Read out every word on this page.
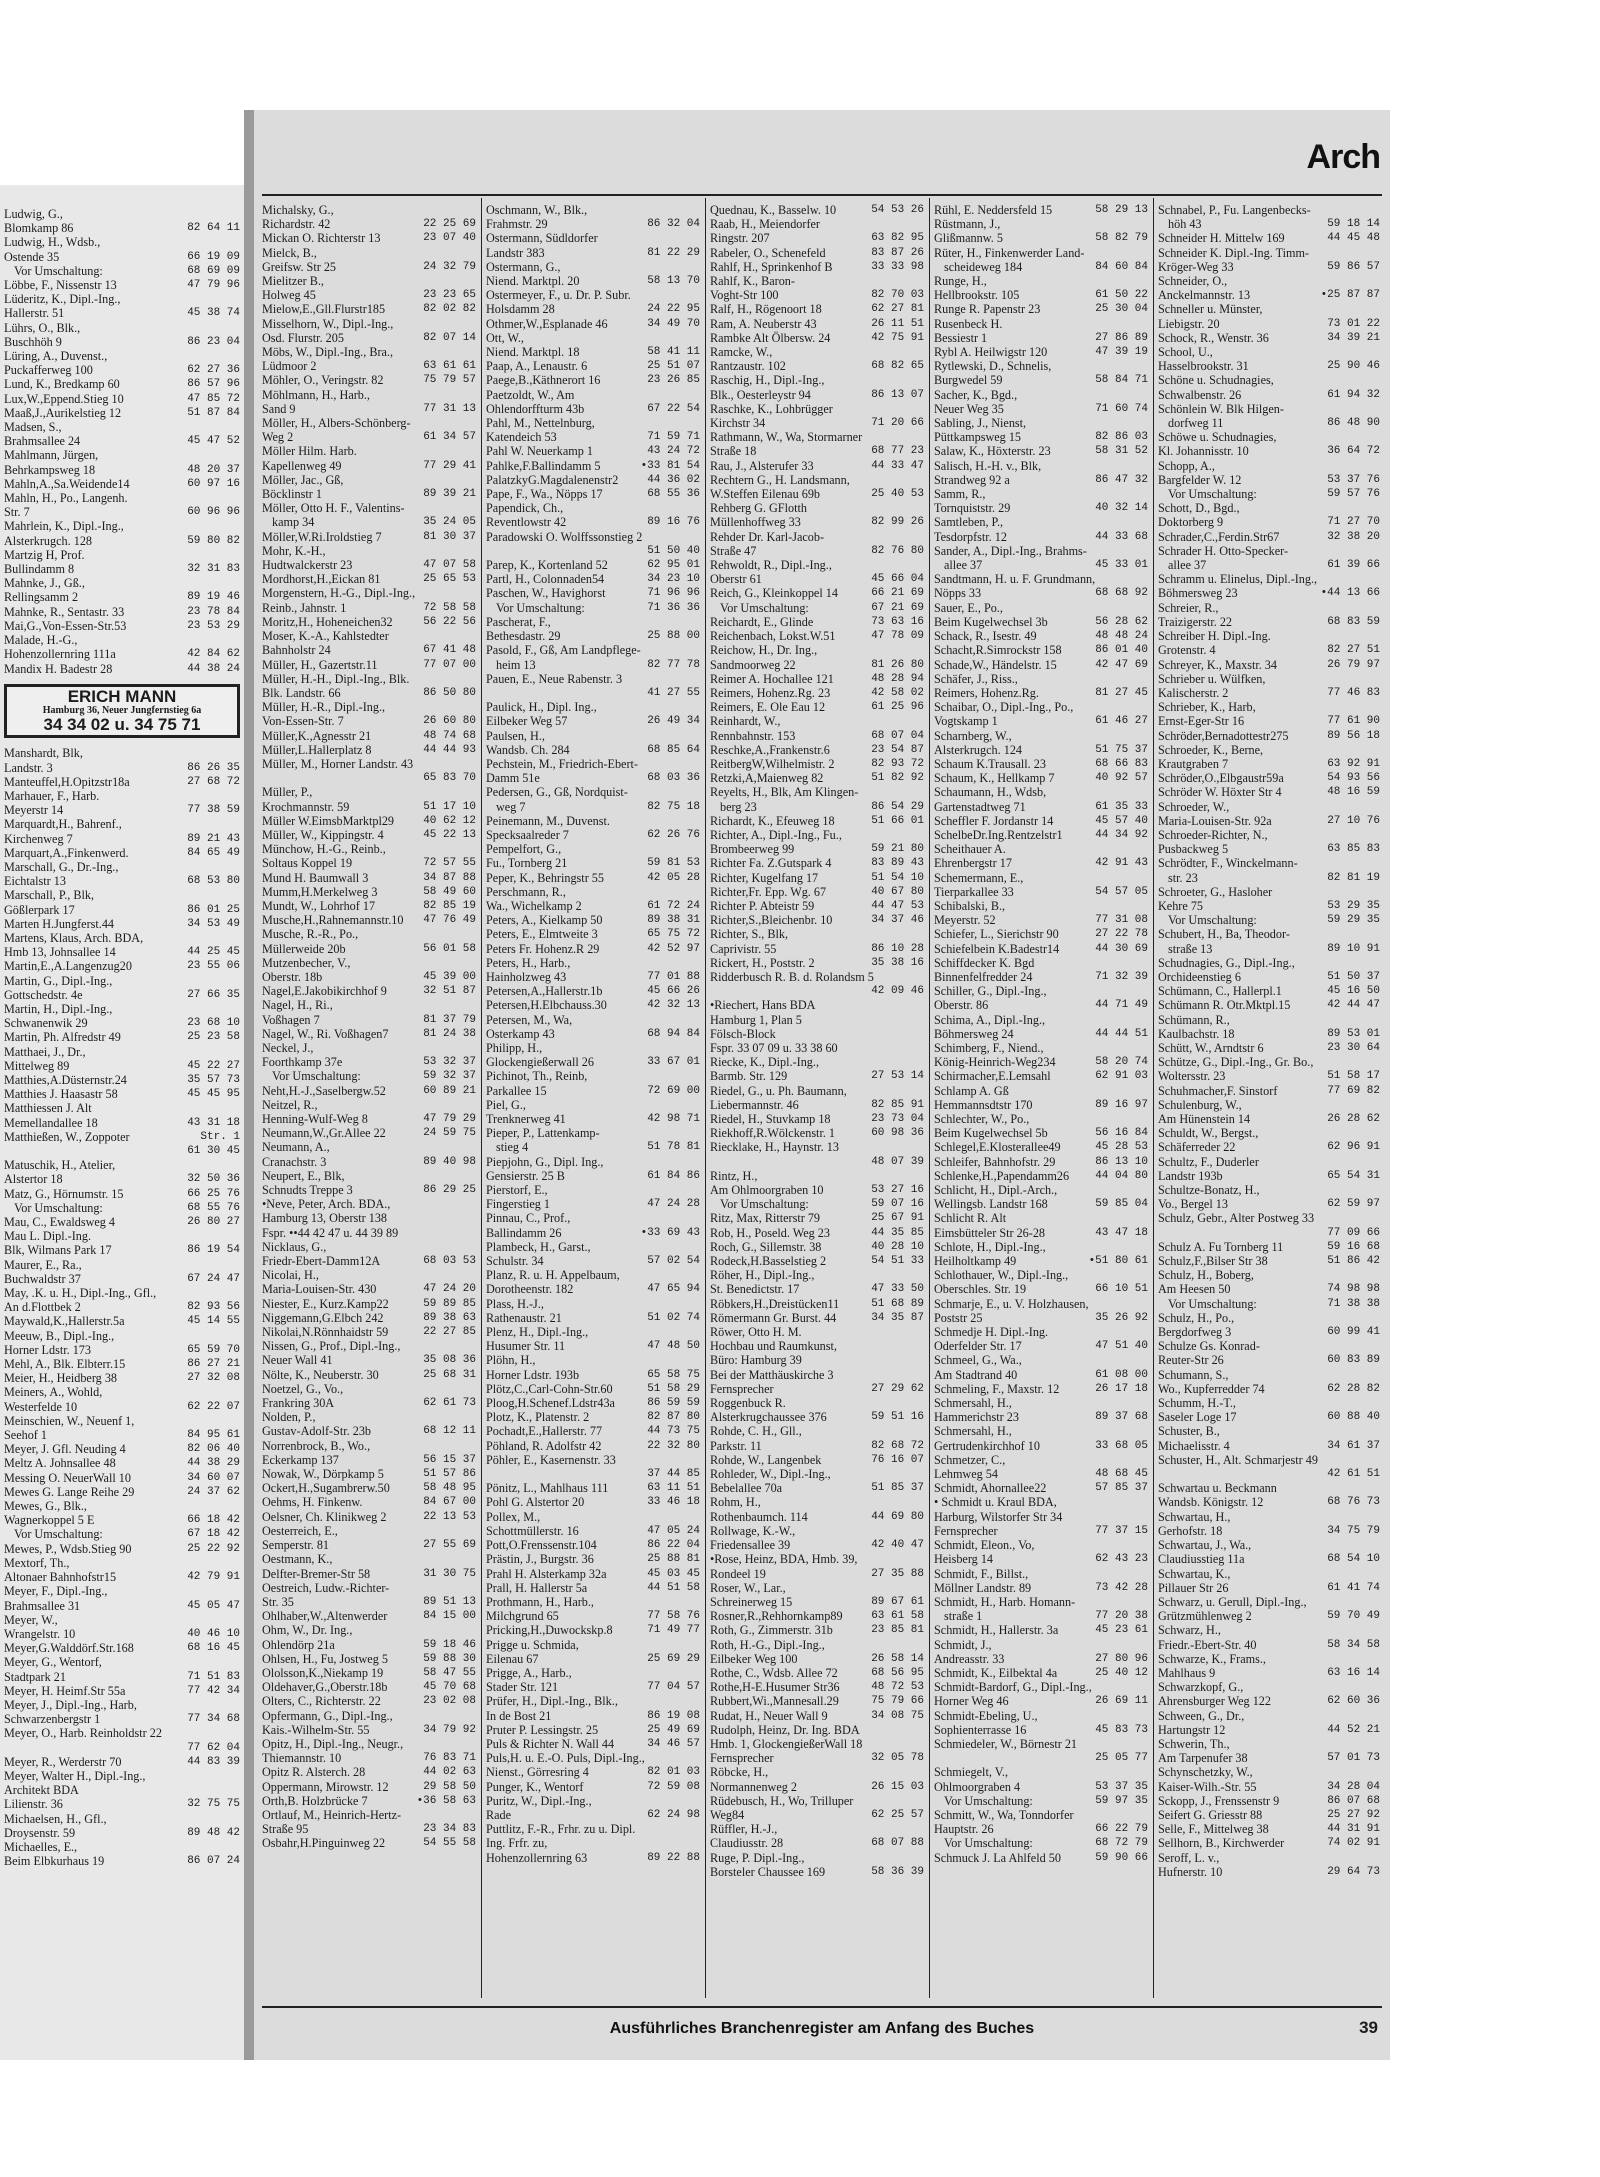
Ludwig, G.,
Blomkamp 86	82 64 11
Ludwig, H., Wdsb.,
Ostende 35	66 19 09
Vor Umschaltung:	68 69 09
Löbbe, F., Nissenstr 13	47 79 96
Lüderitz, K., Dipl.-Ing.,
Hallerstr. 51	45 38 74
Lührs, O., Blk.,
Buschhöh 9	86 23 04
Lüring, A., Duvenst.,
Puckafferweg 100	62 27 36
Lund, K., Bredkamp 60	86 57 96
Lux,W.,Eppend.Stieg 10	47 85 72
Maaß,J.,Aurikelstieg 12	51 87 84
Madsen, S.,
Brahmsallee 24	45 47 52
Mahlmann, Jürgen,
Behrkampsweg 18	48 20 37
Mahln,A.,Sa.Weidende14	60 97 16
Mahln, H., Po., Langenh.
Str. 7	60 96 96
Mahrlein, K., Dipl.-Ing.,
Alsterkrugch. 128	59 80 82
Martzig H, Prof.
Bullindamm 8	32 31 83
Mahnke, J., Gß.,
Rellingsamm 2	89 19 46
Mahnke, R., Sentastr. 33	23 78 84
Mai,G.,Von-Essen-Str.53	23 53 29
Malade, H.-G.,
Hohenzollernring 111a	42 84 62
Mandix H. Badestr 28	44 38 24
ERICH MANN
Hamburg 36, Neuer Jungfernstieg 6a
34 34 02 u. 34 75 71
Manshardt, Blk,
Landstr. 3	86 26 35
Manteuffel,H.Opitzstr18a	27 68 72
Marhauer, F., Harb.
Meyerstr 14	77 38 59
Marquardt,H., Bahrenf.,
Kirchenweg 7	89 21 43
Marquart,A.,Finkenwerd.	84 65 49
Marschall, G., Dr.-Ing.,
Eichtalstr 13	68 53 80
Marschall, P., Blk,
Gößlerpark 17	86 01 25
Marten H.Jungferst.44	34 53 49
Martens, Klaus, Arch. BDA,
Hmb 13, Johnsallee 14	44 25 45
Martin,E.,A.Langenzug20	23 55 06
Martin, G., Dipl.-Ing.,
Gottschedstr. 4e	27 66 35
Martin, H., Dipl.-Ing.,
Schwanenwik 29	23 68 10
Martin, Ph. Alfredstr 49	25 23 58
Matthaei, J., Dr.,
Mittelweg 89	45 22 27
Matthies,A.Düsternstr.24	35 57 73
Matthies J. Haasastr 58	45 45 95
Matthiessen J. Alt
Memellandallee 18	43 31 18
Matthießen, W., Zoppoter	Str. 1
61 30 45
Matuschik, H., Atelier,
Alstertor 18	32 50 36
Matz, G., Hörnumstr. 15	66 25 76
Vor Umschaltung:	68 55 76
Mau, C., Ewaldsweg 4	26 80 27
Mau L. Dipl.-Ing.
Blk, Wilmans Park 17	86 19 54
Maurer, E., Ra.,
Buchwaldstr 37	67 24 47
May, .K. u. H., Dipl.-Ing., Gfl.,
An d.Flottbek 2	82 93 56
Maywald,K.,Hallerstr.5a	45 14 55
Meeuw, B., Dipl.-Ing.,
Horner Ldstr. 173	65 59 70
Mehl, A., Blk. Elbterr.15	86 27 21
Meier, H., Heidberg 38	27 32 08
Meiners, A., Wohld,
Westerfelde 10	62 22 07
Meinschien, W., Neuenf 1,
Seehof 1	84 95 61
Meyer, J. Gfl. Neuding 4	82 06 40
Meltz A. Johnsallee 48	44 38 29
Messing O. NeuerWall 10	34 60 07
Mewes G. Lange Reihe 29	24 37 62
Mewes, G., Blk.,
Wagnerkoppel 5 E	66 18 42
Vor Umschaltung:	67 18 42
Mewes, P., Wdsb.Stieg 90	25 22 92
Mextorf, Th.,
Altonaer Bahnhofstr15	42 79 91
Meyer, F., Dipl.-Ing.,
Brahmsallee 31	45 05 47
Meyer, W.,
Wrangelstr. 10	40 46 10
Meyer,G.Walddörf.Str.168	68 16 45
Meyer, G., Wentorf,
Stadtpark 21	71 51 83
Meyer, H. Heimf.Str 55a	77 42 34
Meyer, J., Dipl.-Ing., Harb,
Schwarzenbergstr 1	77 34 68
Meyer, O., Harb. Reinholdstr 22
77 62 04
Meyer, R., Werderstr 70	44 83 39
Meyer, Walter H., Dipl.-Ing.,
Architekt BDA
Lilienstr. 36	32 75 75
Michaelsen, H., Gfl.,
Droysenstr. 59	89 48 42
Michaelles, E.,
Beim Elbkurhaus 19	86 07 24
Arch
Michalsky, G.,
Richardstr. 42	22 25 69
Mickan O. Richterstr 13	23 07 40
Mielck, B.,
Greifsw. Str 25	24 32 79
Mielitzer B.,
Holweg 45	23 23 65
Mielow,E.,Gll.Flurstr185	82 02 82
Misselhorn, W., Dipl.-Ing.,
Osd. Flurstr. 205	82 07 14
Möbs, W., Dipl.-Ing., Bra.,
Lüdmoor 2	63 61 61
Möhler, O., Veringstr. 82	75 79 57
Möhlmann, H., Harb.,
Sand 9	77 31 13
Möller, H., Albers-Schönberg-
Weg 2	61 34 57
Möller Hilm. Harb.
Kapellenweg 49	77 29 41
Möller, Jac., Gß,
Böcklinstr 1	89 39 21
Möller, Otto H. F., Valentins-
kamp 34	35 24 05
Möller,W.Ri.Iroldstieg 7	81 30 37
Mohr, K.-H.,
Hudtwalckerstr 23	47 07 58
Mordhorst,H.,Eickan 81	25 65 53
Morgenstern, H.-G., Dipl.-Ing.,
Reinb., Jahnstr. 1	72 58 58
Moritz,H., Hoheneichen32	56 22 56
Moser, K.-A., Kahlstedter
Bahnholstr 24	67 41 48
Müller, H., Gazertstr.11	77 07 00
Müller, H.-H., Dipl.-Ing., Blk.
Blk. Landstr. 66	86 50 80
Müller, H.-R., Dipl.-Ing.,
Von-Essen-Str. 7	26 60 80
Müller,K.,Agnesstr 21	48 74 68
Müller,L.Hallerplatz 8	44 44 93
Müller, M., Horner Landstr. 43
65 83 70
Müller, P.,
Krochmannstr. 59	51 17 10
Müller W.EimsbMarktpl29	40 62 12
Müller, W., Kippingstr. 4	45 22 13
Münchow, H.-G., Reinb.,
Soltaus Koppel 19	72 57 55
Mund H. Baumwall 3	34 87 88
Mumm,H.Merkelweg 3	58 49 60
Mundt, W., Lohrhof 17	82 85 19
Musche,H.,Rahnemannstr.10	47 76 49
Musche, R.-R., Po.,
Müllerweide 20b	56 01 58
Mutzenbecher, V.,
Oberstr. 18b	45 39 00
Nagel,E.Jakobikirchhof 9	32 51 87
Nagel, H., Ri.,
Voßhagen 7	81 37 79
Nagel, W., Ri. Voßhagen7	81 24 38
Neckel, J.,
Foorthkamp 37e	53 32 37
Vor Umschaltung:	59 32 37
Neht,H.-J.,Saselbergw.52	60 89 21
Neitzel, R.,
Henning-Wulf-Weg 8	47 79 29
Neumann,W.,Gr.Allee 22	24 59 75
Neumann, A.,
Cranachstr. 3	89 40 98
Neupert, E., Blk,
Schnudts Treppe 3	86 29 25
•Neve, Peter, Arch. BDA.,
Hamburg 13, Oberstr 138
Fspr. ••44 42 47 u. 44 39 89
Nicklaus, G.,
Friedr-Ebert-Damm12A	68 03 53
Nicolai, H.,
Maria-Louisen-Str. 430	47 24 20
Niester, E., Kurz.Kamp22	59 89 85
Niggemann,G.Elbch 242	89 38 63
Nikolai,N.Rönnhaidstr 59	22 27 85
Nissen, G., Prof., Dipl.-Ing.,
Neuer Wall 41	35 08 36
Nölte, K., Neuberstr. 30	25 68 31
Noetzel, G., Vo.,
Frankring 30A	62 61 73
Nolden, P.,
Gustav-Adolf-Str. 23b	68 12 11
Norrenbrock, B., Wo.,
Eckerkamp 137	56 15 37
Nowak, W., Dörpkamp 5	51 57 86
Ockert,H.,Sugambrerw.50	58 48 95
Oehms, H. Finkenw.	84 67 00
Oelsner, Ch. Klinikweg 2	22 13 53
Oesterreich, E.,
Semperstr. 81	27 55 69
Oestmann, K.,
Delfter-Bremer-Str 58	31 30 75
Oestreich, Ludw.-Richter-
Str. 35	89 51 13
Ohlhaber,W.,Altenwerder	84 15 00
Ohm, W., Dr. Ing.,
Ohlendörp 21a	59 18 46
Ohlsen, H., Fu, Jostweg 5	59 88 30
Ololsson,K.,Niekamp 19	58 47 55
Oldehaver,G.,Oberstr.18b	45 70 68
Olters, C., Richterstr. 22	23 02 08
Opfermann, G., Dipl.-Ing.,
Kais.-Wilhelm-Str. 55	34 79 92
Opitz, H., Dipl.-Ing., Neugr.,
Thiemannstr. 10	76 83 71
Opitz R. Alsterch. 28	44 02 63
Oppermann, Mirowstr. 12	29 58 50
Orth,B. Holzbrücke 7	•36 58 63
Ortlauf, M., Heinrich-Hertz-
Straße 95	23 34 83
Osbahr,H.Pinguinweg 22	54 55 58
Oschmann, W., Blk.,
Frahmstr. 29	86 32 04
Ostermann, Südldorfer
Landstr 383	81 22 29
Ostermann, G.,
Niend. Marktpl. 20	58 13 70
Ostermeyer, F., u. Dr. P. Subr.
Holsdamm 28	24 22 95
Othmer,W.,Esplanade 46	34 49 70
Ott, W.,
Niend. Marktpl. 18	58 41 11
Paap, A., Lenaustr. 6	25 51 07
Paege,B.,Käthnerort 16	23 26 85
Paetzoldt, W., Am
Ohlendorffturm 43b	67 22 54
Pahl, M., Nettelnburg,
Katendeich 53	71 59 71
Pahl W. Neuerkamp 1	43 24 72
Pahlke,F.Ballindamm 5	•33 81 54
PalatzkyG.Magdalenenstr2	44 36 02
Pape, F., Wa., Nöpps 17	68 55 36
Papendick, Ch.,
Reventlowstr 42	89 16 76
Paradowski O. Wolffssonstieg 2
51 50 40
Parep, K., Kortenland 52	62 95 01
Partl, H., Colonnaden54	34 23 10
Paschen, W., Havighorst	71 96 96
Vor Umschaltung:	71 36 36
Pascherat, F.,
Bethesdastr. 29	25 88 00
Pasold, F., Gß, Am Landpflege-
heim 13	82 77 78
Pauen, E., Neue Rabenstr. 3
41 27 55
Paulick, H., Dipl. Ing.,
Eilbeker Weg 57	26 49 34
Paulsen, H.,
Wandsb. Ch. 284	68 85 64
Pechstein, M., Friedrich-Ebert-
Damm 51e	68 03 36
Pedersen, G., Gß, Nordquist-
weg 7	82 75 18
Peinemann, M., Duvenst.
Specksaalreder 7	62 26 76
Pempelfort, G.,
Fu., Tornberg 21	59 81 53
Peper, K., Behringstr 55	42 05 28
Perschmann, R.,
Wa., Wichelkamp 2	61 72 24
Peters, A., Kielkamp 50	89 38 31
Peters, E., Elmtweite 3	65 75 72
Peters Fr. Hohenz.R 29	42 52 97
Peters, H., Harb.,
Hainholzweg 43	77 01 88
Petersen,A.,Hallerstr.1b	45 66 26
Petersen,H.Elbchauss.30	42 32 13
Petersen, M., Wa,
Osterkamp 43	68 94 84
Philipp, H.,
Glockengießerwall 26	33 67 01
Pichinot, Th., Reinb,
Parkallee 15	72 69 00
Piel, G.,
Trenknerweg 41	42 98 71
Pieper, P., Lattenkamp-
stieg 4	51 78 81
Piepjohn, G., Dipl. Ing.,
Gensierstr. 25 B	61 84 86
Pierstorf, E.,
Fingerstieg 1	47 24 28
Pinnau, C., Prof.,
Ballindamm 26	•33 69 43
Plambeck, H., Garst.,
Schulstr. 34	57 02 54
Planz, R. u. H. Appelbaum,
Dorotheenstr. 182	47 65 94
Plass, H.-J.,
Rathenaustr. 21	51 02 74
Plenz, H., Dipl.-Ing.,
Husumer Str. 11	47 48 50
Plöhn, H.,
Horner Ldstr. 193b	65 58 75
Plötz,C.,Carl-Cohn-Str.60	51 58 29
Ploog,H.Schenef.Ldstr43a	86 59 59
Plotz, K., Platenstr. 2	82 87 80
Pochadt,E.,Hallerstr. 77	44 73 75
Pöhland, R. Adolfstr 42	22 32 80
Pöhler, E., Kasernenstr. 33
37 44 85
Pönitz, L., Mahlhaus 111	63 11 51
Pohl G. Alstertor 20	33 46 18
Pollex, M.,
Schottmüllerstr. 16	47 05 24
Pott,O.Frenssenstr.104	86 22 04
Prästin, J., Burgstr. 36	25 88 81
Prahl H. Alsterkamp 32a	45 03 45
Prall, H. Hallerstr 5a	44 51 58
Prothmann, H., Harb.,
Milchgrund 65	77 58 76
Pricking,H.,Duwockskp.8	71 49 77
Prigge u. Schmida,
Eilenau 67	25 69 29
Prigge, A., Harb.,
Stader Str. 121	77 04 57
Prüfer, H., Dipl.-Ing., Blk.,
In de Bost 21	86 19 08
Pruter P. Lessingstr. 25	25 49 69
Puls & Richter N. Wall 44	34 46 57
Puls,H. u. E.-O. Puls, Dipl.-Ing.,
Nienst., Görresring 4	82 01 03
Punger, K., Wentorf	72 59 08
Puritz, W., Dipl.-Ing.,
Rade	62 24 98
Puttlitz, F.-R., Frhr. zu u. Dipl.
Ing. Frfr. zu,
Hohenzollernring 63	89 22 88
Quednau, K., Basselw. 10	54 53 26
Raab, H., Meiendorfer
Ringstr. 207	63 82 95
Rabeler, O., Schenefeld	83 87 26
Rahlf, H., Sprinkenhof B	33 33 98
Rahlf, K., Baron-
Voght-Str 100	82 70 03
Ralf, H., Rögenoort 18	62 27 81
Ram, A. Neuberstr 43	26 11 51
Rambke Alt Ölbersw. 24	42 75 91
Ramcke, W.,
Rantzaustr. 102	68 82 65
Raschig, H., Dipl.-Ing.,
Blk., Oesterleystr 94	86 13 07
Raschke, K., Lohbrügger
Kirchstr 34	71 20 66
Rathmann, W., Wa, Stormarner
Straße 18	68 77 23
Rau, J., Alsterufer 33	44 33 47
Rechtern G., H. Landsmann,
W.Steffen Eilenau 69b	25 40 53
Rehberg G. GFlotth
Müllenhoffweg 33	82 99 26
Rehder Dr. Karl-Jacob-
Straße 47	82 76 80
Rehwoldt, R., Dipl.-Ing.,
Oberstr 61	45 66 04
Reich, G., Kleinkoppel 14	66 21 69
Vor Umschaltung:	67 21 69
Reichardt, E., Glinde	73 63 16
Reichenbach, Lokst.W.51	47 78 09
Reichow, H., Dr. Ing.,
Sandmoorweg 22	81 26 80
Reimer A. Hochallee 121	48 28 94
Reimers, Hohenz.Rg. 23	42 58 02
Reimers, E. Ole Eau 12	61 25 96
Reinhardt, W.,
Rennbahnstr. 153	68 07 04
Reschke,A.,Frankenstr.6	23 54 87
ReitbergW,Wilhelmistr. 2	82 93 72
Retzki,A,Maienweg 82	51 82 92
Reyelts, H., Blk, Am Klingen-
berg 23	86 54 29
Richardt, K., Efeuweg 18	51 66 01
Richter, A., Dipl.-Ing., Fu.,
Brombeerweg 99	59 21 80
Richter Fa. Z.Gutspark 4	83 89 43
Richter, Kugelfang 17	51 54 10
Richter,Fr. Epp. Wg. 67	40 67 80
Richter P. Abteistr 59	44 47 53
Richter,S.,Bleichenbr. 10	34 37 46
Richter, S., Blk,
Caprivistr. 55	86 10 28
Rickert, H., Poststr. 2	35 38 16
Ridderbusch R. B. d. Rolandsm 5
42 09 46
•Riechert, Hans BDA
Hamburg 1, Plan 5
Fölsch-Block
Fspr. 33 07 09 u. 33 38 60
Riecke, K., Dipl.-Ing.,
Barmb. Str. 129	27 53 14
Riedel, G., u. Ph. Baumann,
Liebermannstr. 46	82 85 91
Riedel, H., Stuvkamp 18	23 73 04
Riekhoff,R.Wölckenstr. 1	60 98 36
Riecklake, H., Haynstr. 13
48 07 39
Rintz, H.,
Am Ohlmoorgraben 10	53 27 16
Vor Umschaltung:	59 07 16
Ritz, Max, Ritterstr 79	25 67 91
Rob, H., Poseld. Weg 23	44 35 85
Roch, G., Sillemstr. 38	40 28 10
Rodeck,H.Basselstieg 2	54 51 33
Röher, H., Dipl.-Ing.,
St. Benedictstr. 17	47 33 50
Röbkers,H.,Dreistücken11	51 68 89
Römermann Gr. Burst. 44	34 35 87
Röwer, Otto H. M.
Hochbau und Raumkunst,
Büro: Hamburg 39
Bei der Matthäuskirche 3
Fernsprecher	27 29 62
Roggenbuck R.
Alsterkrugchaussee 376	59 51 16
Rohde, C. H., Gll.,
Parkstr. 11	82 68 72
Rohde, W., Langenbek	76 16 07
Rohleder, W., Dipl.-Ing.,
Bebelallee 70a	51 85 37
Rohm, H.,
Rothenbaumch. 114	44 69 80
Rollwage, K.-W.,
Friedensallee 39	42 40 47
•Rose, Heinz, BDA, Hmb. 39,
Rondeel 19	27 35 88
Roser, W., Lar.,
Schreinerweg 15	89 67 61
Rosner,R.,Rehhornkamp89	63 61 58
Roth, G., Zimmerstr. 31b	23 85 81
Roth, H.-G., Dipl.-Ing.,
Eilbeker Weg 100	26 58 14
Rothe, C., Wdsb. Allee 72	68 56 95
Rothe,H-E.Husumer Str36	48 72 53
Rubbert,Wi.,Mannesall.29	75 79 66
Rudat, H., Neuer Wall 9	34 08 75
Rudolph, Heinz, Dr. Ing. BDA
Hmb. 1, GlockengießerWall 18
Fernsprecher	32 05 78
Röbcke, H.,
Normannenweg 2	26 15 03
Rüdebusch, H., Wo, Trilluper
Weg84	62 25 57
Rüffler, H.-J.,
Claudiusstr. 28	68 07 88
Ruge, P. Dipl.-Ing.,
Borsteler Chaussee 169	58 36 39
Rühl, E. Neddersfeld 15	58 29 13
Rüstmann, J.,
Glißmannw. 5	58 82 79
Rüter, H., Finkenwerder Land-
scheideweg 184	84 60 84
Runge, H.,
Hellbrookstr. 105	61 50 22
Runge R. Papenstr 23	25 30 04
Rusenbeck H.
Bessiestr 1	27 86 89
Rybl A. Heilwigstr 120	47 39 19
Rytlewski, D., Schnelis,
Burgwedel 59	58 84 71
Sacher, K., Bgd.,
Neuer Weg 35	71 60 74
Sabling, J., Nienst,
Püttkampsweg 15	82 86 03
Salaw, K., Höxterstr. 23	58 31 52
Salisch, H.-H. v., Blk,
Strandweg 92 a	86 47 32
Samm, R.,
Tornquiststr. 29	40 32 14
Samtleben, P.,
Tesdorpfstr. 12	44 33 68
Sander, A., Dipl.-Ing., Brahms-
allee 37	45 33 01
Sandtmann, H. u. F. Grundmann,
Nöpps 33	68 68 92
Sauer, E., Po.,
Beim Kugelwechsel 3b	56 28 62
Schack, R., Isestr. 49	48 48 24
Schacht,R.Simrockstr 158	86 01 40
Schade,W., Händelstr. 15	42 47 69
Schäfer, J., Riss.,
Reimers, Hohenz.Rg.	81 27 45
Schaibar, O., Dipl.-Ing., Po.,
Vogtskamp 1	61 46 27
Scharnberg, W.,
Alsterkrugch. 124	51 75 37
Schaum K.Trausall. 23	68 66 83
Schaum, K., Hellkamp 7	40 92 57
Schaumann, H., Wdsb,
Gartenstadtweg 71	61 35 33
Scheffler F. Jordanstr 14	45 57 40
SchelbeDr.Ing.Rentzelstr1	44 34 92
Scheithauer A.
Ehrenbergstr 17	42 91 43
Schemermann, E.,
Tierparkallee 33	54 57 05
Schibalski, B.,
Meyerstr. 52	77 31 08
Schiefer, L., Sierichstr 90	27 22 78
Schiefelbein K.Badestr14	44 30 69
Schiffdecker K. Bgd
Binnenfelfredder 24	71 32 39
Schiller, G., Dipl.-Ing.,
Oberstr. 86	44 71 49
Schima, A., Dipl.-Ing.,
Böhmersweg 24	44 44 51
Schimberg, F., Niend.,
König-Heinrich-Weg234	58 20 74
Schirmacher,E.Lemsahl	62 91 03
Schlamp A. Gß
Hemmannsdtstr 170	89 16 97
Schlechter, W., Po.,
Beim Kugelwechsel 5b	56 16 84
Schlegel,E.Klosterallee49	45 28 53
Schleifer, Bahnhofstr. 29	86 13 10
Schlenke,H.,Papendamm26	44 04 80
Schlicht, H., Dipl.-Arch.,
Wellingsb. Landstr 168	59 85 04
Schlicht R. Alt
Eimsbütteler Str 26-28	43 47 18
Schlote, H., Dipl.-Ing.,
Heilholtkamp 49	•51 80 61
Schlothauer, W., Dipl.-Ing.,
Oberschles. Str. 19	66 10 51
Schmarje, E., u. V. Holzhausen,
Poststr 25	35 26 92
Schmedje H. Dipl.-Ing.
Oderfelder Str. 17	47 51 40
Schmeel, G., Wa.,
Am Stadtrand 40	61 08 00
Schmeling, F., Maxstr. 12	26 17 18
Schmersahl, H.,
Hammerichstr 23	89 37 68
Schmersahl, H.,
Gertrudenkirchhof 10	33 68 05
Schmetzer, C.,
Lehmweg 54	48 68 45
Schmidt, Ahornallee22	57 85 37
• Schmidt u. Kraul BDA,
Harburg, Wilstorfer Str 34
Fernsprecher	77 37 15
Schmidt, Eleon., Vo,
Heisberg 14	62 43 23
Schmidt, F., Billst.,
Möllner Landstr. 89	73 42 28
Schmidt, H., Harb. Homann-
straße 1	77 20 38
Schmidt, H., Hallerstr. 3a	45 23 61
Schmidt, J.,
Andreasstr. 33	27 80 96
Schmidt, K., Eilbektal 4a	25 40 12
Schmidt-Bardorf, G., Dipl.-Ing.,
Horner Weg 46	26 69 11
Schmidt-Ebeling, U.,
Sophienterrasse 16	45 83 73
Schmiedeler, W., Börnestr 21
25 05 77
Schmiegelt, V.,
Ohlmoorgraben 4	53 37 35
Vor Umschaltung:	59 97 35
Schmitt, W., Wa, Tonndorfer
Hauptstr. 26	66 22 79
Vor Umschaltung:	68 72 79
Schmuck J. La Ahlfeld 50	59 90 66
Schnabel, P., Fu. Langenbecks-
höh 43	59 18 14
Schneider H. Mittelw 169	44 45 48
Schneider K. Dipl.-Ing. Timm-
Kröger-Weg 33	59 86 57
Schneider, O.,
Anckelmannstr. 13	•25 87 87
Schneller u. Münster,
Liebigstr. 20	73 01 22
Schock, R., Wenstr. 36	34 39 21
School, U.,
Hasselbrookstr. 31	25 90 46
Schöne u. Schudnagies,
Schwalbenstr. 26	61 94 32
Schönlein W. Blk Hilgen-
dorfweg 11	86 48 90
Schöwe u. Schudnagies,
Kl. Johannisstr. 10	36 64 72
Schopp, A.,
Bargfelder W. 12	53 37 76
Vor Umschaltung:	59 57 76
Schott, D., Bgd.,
Doktorberg 9	71 27 70
Schrader,C.,Ferdin.Str67	32 38 20
Schrader H. Otto-Specker-
allee 37	61 39 66
Schramm u. Elinelus, Dipl.-Ing.,
Böhmersweg 23	•44 13 66
Schreier, R.,
Traizigerstr. 22	68 83 59
Schreiber H. Dipl.-Ing.
Grotenstr. 4	82 27 51
Schreyer, K., Maxstr. 34	26 79 97
Schrieber u. Wülfken,
Kalischerstr. 2	77 46 83
Schrieber, K., Harb,
Ernst-Eger-Str 16	77 61 90
Schröder,Bernadottestr275	89 56 18
Schroeder, K., Berne,
Krautgraben 7	63 92 91
Schröder,O.,Elbgaustr59a	54 93 56
Schröder W. Höxter Str 4	48 16 59
Schroeder, W.,
Maria-Louisen-Str. 92a	27 10 76
Schroeder-Richter, N.,
Pusbackweg 5	63 85 83
Schrödter, F., Winckelmann-
str. 23	82 81 19
Schroeter, G., Hasloher
Kehre 75	53 29 35
Vor Umschaltung:	59 29 35
Schubert, H., Ba, Theodor-
straße 13	89 10 91
Schudnagies, G., Dipl.-Ing.,
Orchideenstieg 6	51 50 37
Schümann, C., Hallerpl.1	45 16 50
Schümann R. Otr.Mktpl.15	42 44 47
Schümann, R.,
Kaulbachstr. 18	89 53 01
Schütt, W., Arndtstr 6	23 30 64
Schütze, G., Dipl.-Ing., Gr. Bo.,
Woltersstr. 23	51 58 17
Schuhmacher,F. Sinstorf	77 69 82
Schulenburg, W.,
Am Hünenstein 14	26 28 62
Schuldt, W., Bergst.,
Schäferreder 22	62 96 91
Schultz, F., Duderler
Landstr 193b	65 54 31
Schultze-Bonatz, H.,
Vo., Bergel 13	62 59 97
Schulz, Gebr., Alter Postweg 33
77 09 66
Schulz A. Fu Tornberg 11	59 16 68
Schulz,F.,Bilser Str 38	51 86 42
Schulz, H., Boberg,
Am Heesen 50	74 98 98
Vor Umschaltung:	71 38 38
Schulz, H., Po.,
Bergdorfweg 3	60 99 41
Schulze Gs. Konrad-
Reuter-Str 26	60 83 89
Schumann, S.,
Wo., Kupferredder 74	62 28 82
Schumm, H.-T.,
Saseler Loge 17	60 88 40
Schuster, B.,
Michaelisstr. 4	34 61 37
Schuster, H., Alt. Schmarjestr 49
42 61 51
Schwartau u. Beckmann
Wandsb. Königstr. 12	68 76 73
Schwartau, H.,
Gerhofstr. 18	34 75 79
Schwartau, J., Wa.,
Claudiusstieg 11a	68 54 10
Schwartau, K.,
Pillauer Str 26	61 41 74
Schwarz, u. Gerull, Dipl.-Ing.,
Grützmühlenweg 2	59 70 49
Schwarz, H.,
Friedr.-Ebert-Str. 40	58 34 58
Schwarze, K., Frams.,
Mahlhaus 9	63 16 14
Schwarzkopf, G.,
Ahrensburger Weg 122	62 60 36
Schween, G., Dr.,
Hartungstr 12	44 52 21
Schwerin, Th.,
Am Tarpenufer 38	57 01 73
Schynschetzky, W.,
Kaiser-Wilh.-Str. 55	34 28 04
Sckopp, J., Frenssenstr 9	86 07 68
Seifert G. Griesstr 88	25 27 92
Selle, F., Mittelweg 38	44 31 91
Sellhorn, B., Kirchwerder	74 02 91
Seroff, L. v.,
Hufnerstr. 10	29 64 73
Ausführliches Branchenregister am Anfang des Buches	39
